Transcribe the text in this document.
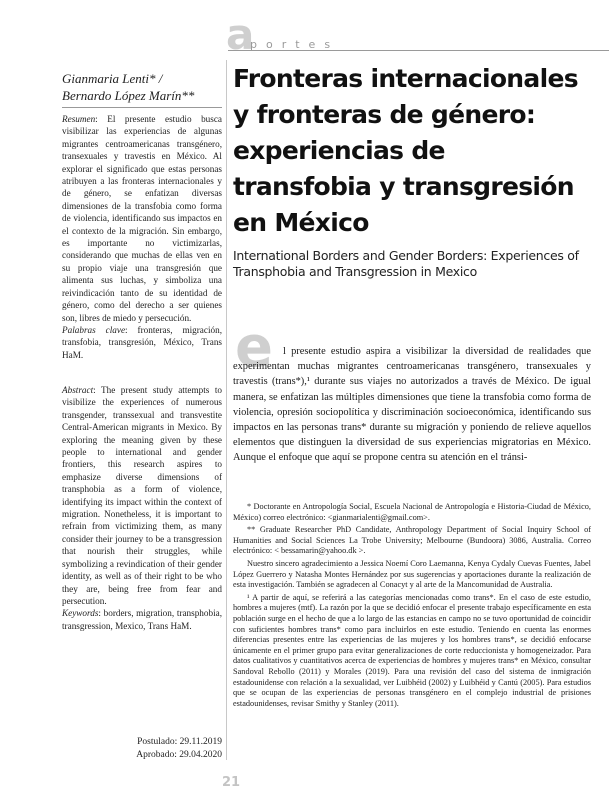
a
portes
Gianmaria Lenti* /
Bernardo López Marín**

Resumen: El presente estudio busca visibilizar las experiencias de algunas migrantes centroamericanas transgénero, transexuales y travestis en México. Al explorar el significado que estas personas atribuyen a las fronteras internacionales y de género, se enfatizan diversas dimensiones de la transfobia como forma de violencia, identificando sus impactos en el contexto de la migración. Sin embargo, es importante no victimizarlas, considerando que muchas de ellas ven en su propio viaje una transgresión que alimenta sus luchas, y simboliza una reivindicación tanto de su identidad de género, como del derecho a ser quienes son, libres de miedo y persecución.

Palabras clave: fronteras, migración, transfobia, transgresión, México, Trans HaM.

Abstract: The present study attempts to visibilize the experiences of numerous transgender, transsexual and transvestite Central-American migrants in Mexico. By exploring the meaning given by these people to international and gender frontiers, this research aspires to emphasize diverse dimensions of transphobia as a form of violence, identifying its impact within the context of migration. Nonetheless, it is important to refrain from victimizing them, as many consider their journey to be a transgression that nourish their struggles, while symbolizing a revindication of their gender identity, as well as of their right to be who they are, being free from fear and persecution.

Keywords: borders, migration, transphobia, transgression, Mexico, Trans HaM.

Postulado: 29.11.2019
Aprobado: 29.04.2020
21
Fronteras internacionales y fronteras de género: experiencias de transfobia y transgresión en México
International Borders and Gender Borders: Experiences of Transphobia and Transgression in Mexico
e l presente estudio aspira a visibilizar la diversidad de realidades que experimentan muchas migrantes centroamericanas transgénero, transexuales y travestis (trans*),¹ durante sus viajes no autorizados a través de México. De igual manera, se enfatizan las múltiples dimensiones que tiene la transfobia como forma de violencia, opresión sociopolítica y discriminación socioeconómica, identificando sus impactos en las personas trans* durante su migración y poniendo de relieve aquellos elementos que distinguen la diversidad de sus experiencias migratorias en México. Aunque el enfoque que aquí se propone centra su atención en el tránsi-

* Doctorante en Antropología Social, Escuela Nacional de Antropología e Historia-Ciudad de México, México) correo electrónico: <gianmarialenti@gmail.com>.

** Graduate Researcher PhD Candidate, Anthropology Department of Social Inquiry School of Humanities and Social Sciences La Trobe University; Melbourne (Bundoora) 3086, Australia. Correo electrónico: < bessamarin@yahoo.dk >.

Nuestro sincero agradecimiento a Jessica Noemí Coro Laemanna, Kenya Cydaly Cuevas Fuentes, Jabel López Guerrero y Natasha Montes Hernández por sus sugerencias y aportaciones durante la realización de esta investigación. También se agradecen al Conacyt y al arte de la Mancomunidad de Australia.

¹ A partir de aquí, se referirá a las categorías mencionadas como trans*. En el caso de este estudio, hombres a mujeres (mtf). La razón por la que se decidió enfocar el presente trabajo específicamente en esta población surge en el hecho de que a lo largo de las estancias en campo no se tuvo oportunidad de coincidir con suficientes hombres trans* como para incluirlos en este estudio. Teniendo en cuenta las enormes diferencias presentes entre las experiencias de las mujeres y los hombres trans*, se decidió enfocarse únicamente en el primer grupo para evitar generalizaciones de corte reduccionista y homogeneizador. Para datos cualitativos y cuantitativos acerca de experiencias de hombres y mujeres trans* en México, consultar Sandoval Rebollo (2011) y Morales (2019). Para una revisión del caso del sistema de inmigración estadounidense con relación a la sexualidad, ver Luibhéid (2002) y Luibhéid y Cantú (2005). Para estudios que se ocupan de las experiencias de personas transgénero en el complejo industrial de prisiones estadounidenses, revisar Smithy y Stanley (2011).
